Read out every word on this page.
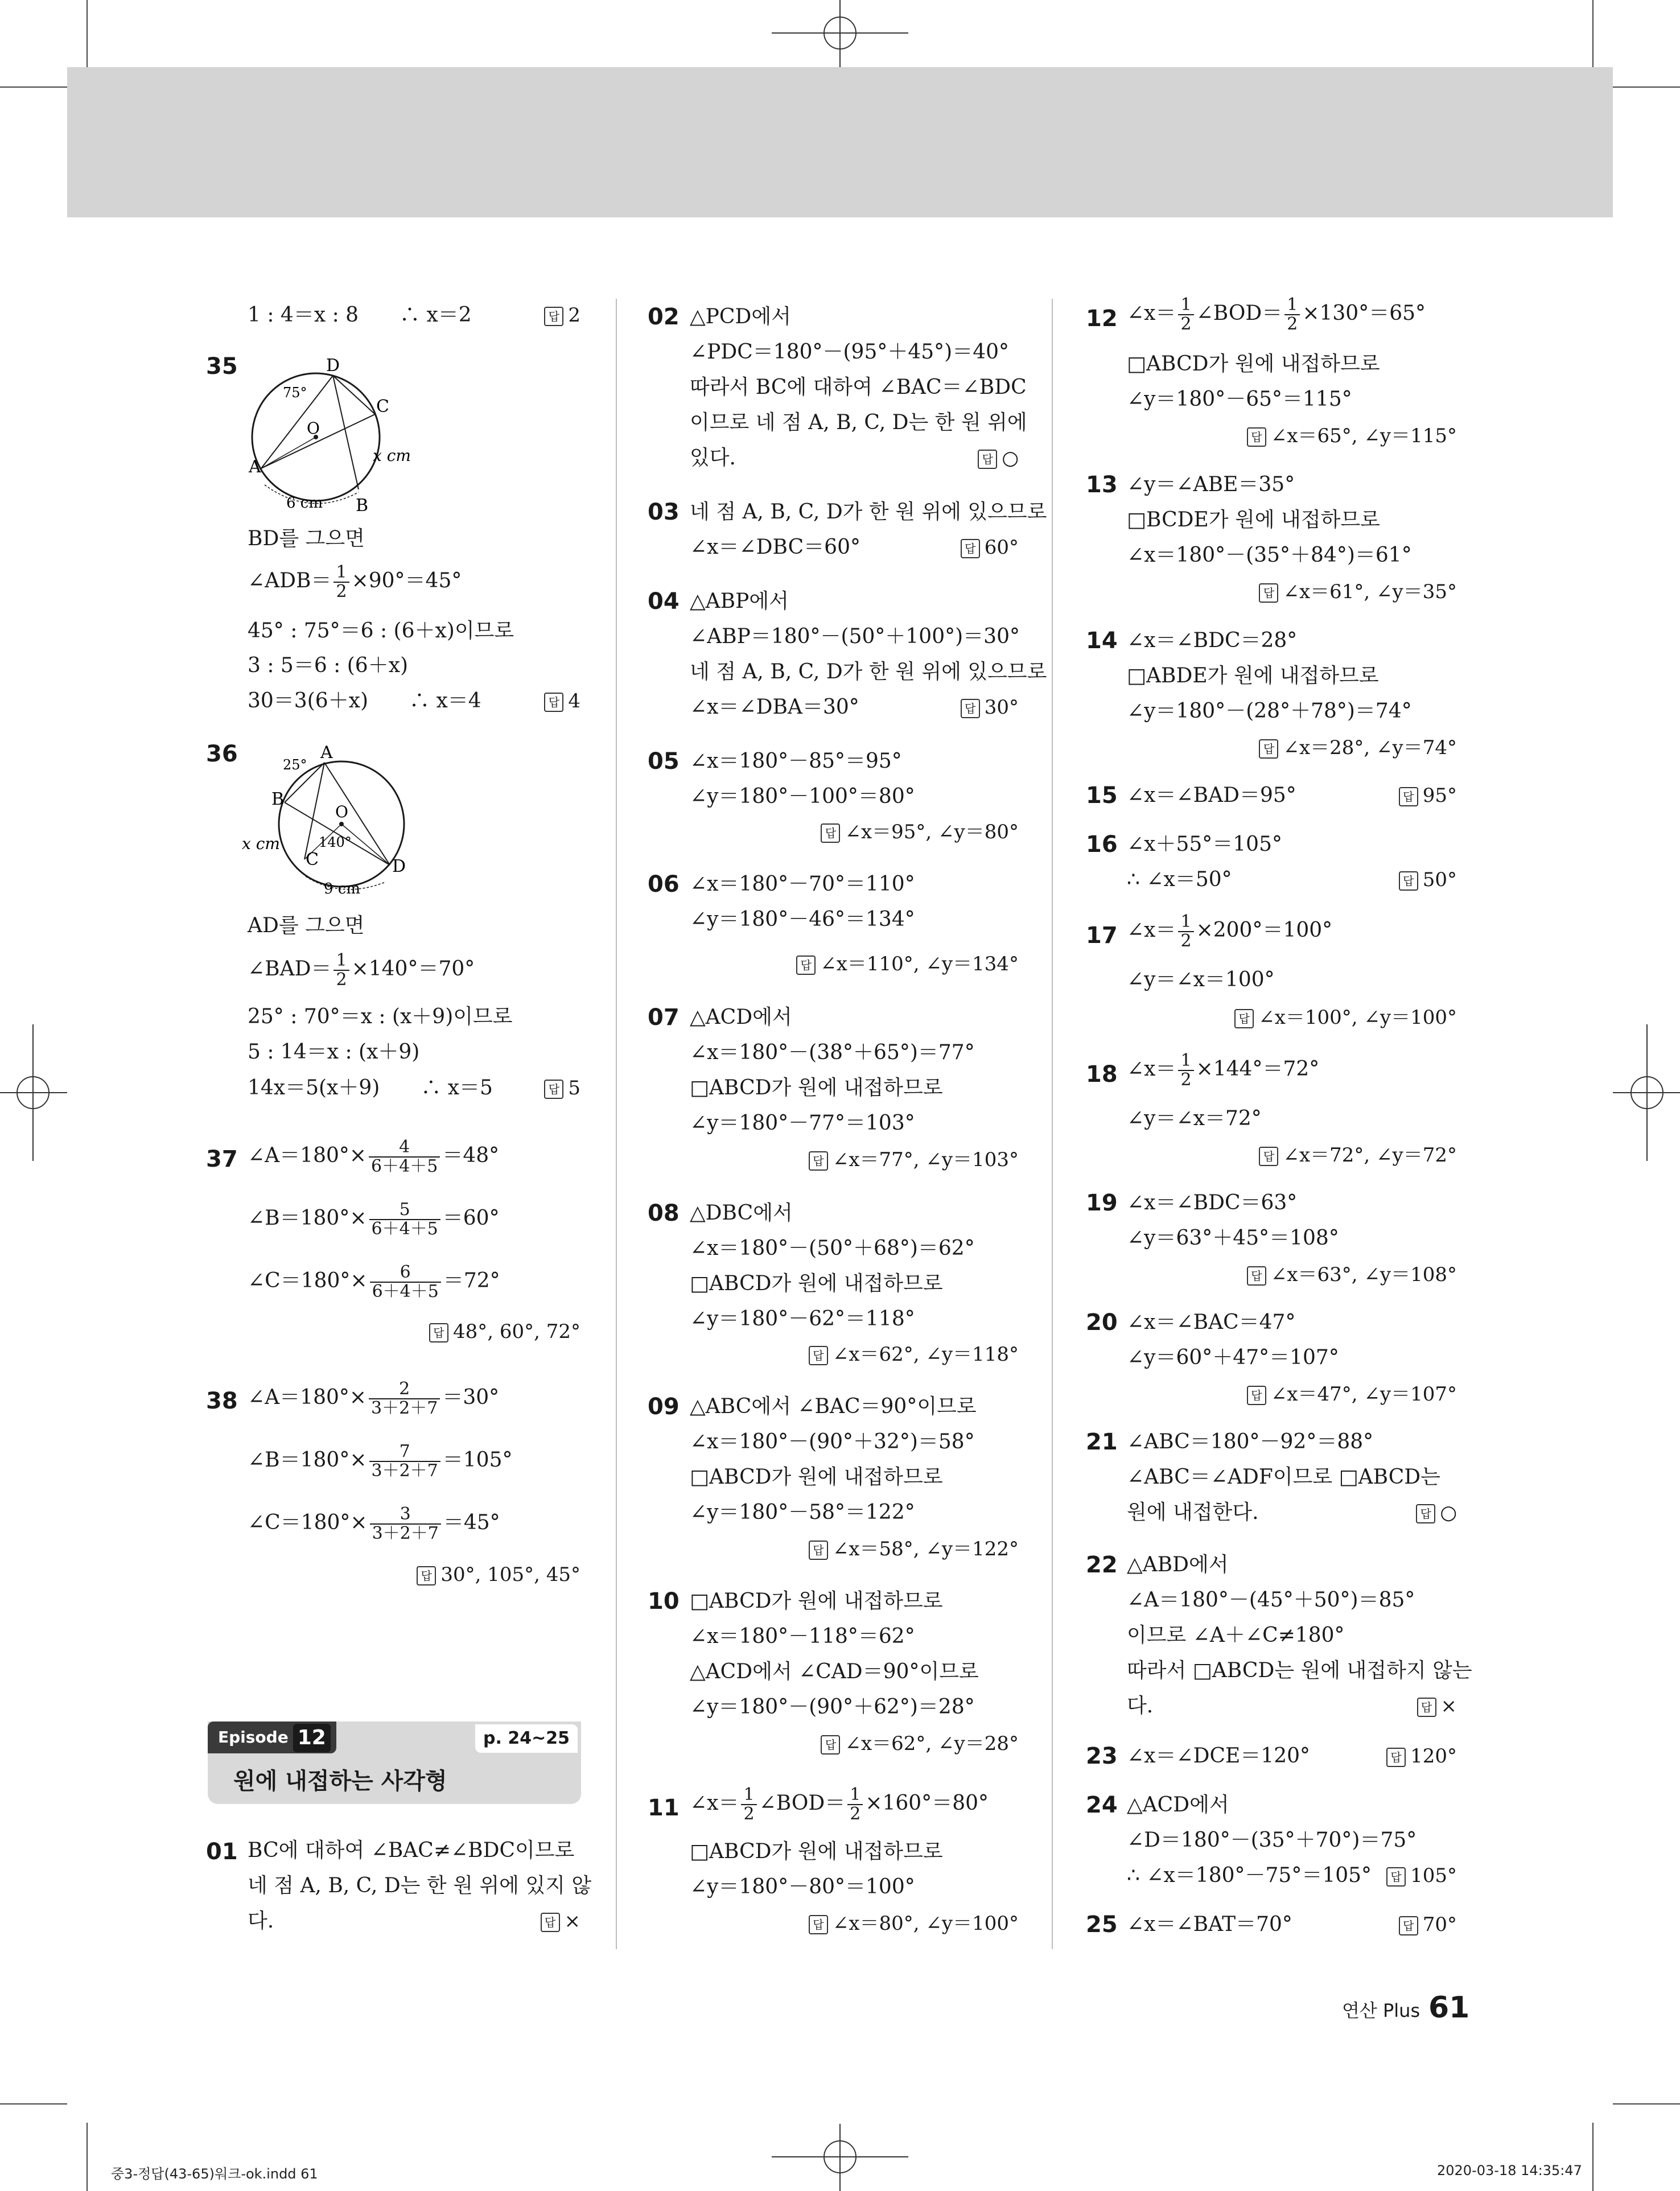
1 : 4＝x : 8　　∴ x＝2	답 2
35	D
C
A
B
O
75°
x cm
6 cm
BD를 그으면
∠ADB＝ $\frac{1}{2} \times 90^\circ=45^\circ$
45° : 75°＝6 : (6＋x)이므로
3 : 5＝6 : (6＋x)
30＝3(6＋x)　　∴ x＝4	답 4
36	A
B
C	D
O
25°
140°
x cm
9 cm
AD를 그으면
∠BAD＝ $\frac{1}{2} \times 140^\circ=70^\circ$
25° : 70°＝x : (x＋9)이므로
5 : 14＝x : (x＋9)
14x＝5(x＋9)　　∴ x＝5	답 5
37 ∠A＝180°× $\frac{4}{6+4+5} =48^\circ$
∠B＝180°× $\frac{5}{6+4+5} =60^\circ$
∠C＝180°× $\frac{6}{6+4+5} =72^\circ$
답 48°, 60°, 72°
38 ∠A＝180°× $\frac{2}{3+2+7} =30^\circ$
∠B＝180°× $\frac{7}{3+2+7} =105^\circ$
∠C＝180°× $\frac{3}{3+2+7} =45^\circ$
답 30°, 105°, 45°
Episode 12	p. 24~25
원에 내접하는 사각형
01 BC에 대하여 ∠BAC≠∠BDC이므로
네 점 A, B, C, D는 한 원 위에 있지 않
다.	답 ×
02 △PCD에서
∠PDC＝180°－(95°＋45°)＝40°
따라서 BC에 대하여 ∠BAC＝∠BDC
이므로 네 점 A, B, C, D는 한 원 위에
있다.	답 ○
03 네 점 A, B, C, D가 한 원 위에 있으므로
∠x＝∠DBC＝60°	답 60°
04 △ABP에서
∠ABP＝180°－(50°＋100°)＝30°
네 점 A, B, C, D가 한 원 위에 있으므로
∠x＝∠DBA＝30°	답 30°
05 ∠x＝180°－85°＝95°
∠y＝180°－100°＝80°
답 ∠x＝95°, ∠y＝80°
06 ∠x＝180°－70°＝110°
∠y＝180°－46°＝134°
답 ∠x＝110°, ∠y＝134°
07 △ACD에서
∠x＝180°－(38°＋65°)＝77°
□ABCD가 원에 내접하므로
∠y＝180°－77°＝103°
답 ∠x＝77°, ∠y＝103°
08 △DBC에서
∠x＝180°－(50°＋68°)＝62°
□ABCD가 원에 내접하므로
∠y＝180°－62°＝118°
답 ∠x＝62°, ∠y＝118°
09 △ABC에서 ∠BAC＝90°이므로
∠x＝180°－(90°＋32°)＝58°
□ABCD가 원에 내접하므로
∠y＝180°－58°＝122°
답 ∠x＝58°, ∠y＝122°
10 □ABCD가 원에 내접하므로
∠x＝180°－118°＝62°
△ACD에서 ∠CAD＝90°이므로
∠y＝180°－(90°＋62°)＝28°
답 ∠x＝62°, ∠y＝28°
11 ∠x＝ $\frac{1}{2}$ ∠BOD＝ $\frac{1}{2} \times 160^\circ=80^\circ$
□ABCD가 원에 내접하므로
∠y＝180°－80°＝100°
답 ∠x＝80°, ∠y＝100°
12 ∠x＝ $\frac{1}{2}$ ∠BOD＝ $\frac{1}{2} \times 130^\circ=65^\circ$
□ABCD가 원에 내접하므로
∠y＝180°－65°＝115°
답 ∠x＝65°, ∠y＝115°
13 ∠y＝∠ABE＝35°
□BCDE가 원에 내접하므로
∠x＝180°－(35°＋84°)＝61°
답 ∠x＝61°, ∠y＝35°
14 ∠x＝∠BDC＝28°
□ABDE가 원에 내접하므로
∠y＝180°－(28°＋78°)＝74°
답 ∠x＝28°, ∠y＝74°
15 ∠x＝∠BAD＝95°	답 95°
16 ∠x＋55°＝105°
∴ ∠x＝50°	답 50°
17 ∠x＝ $\frac{1}{2} \times 200^\circ=100^\circ$
∠y＝∠x＝100°
답 ∠x＝100°, ∠y＝100°
18 ∠x＝ $\frac{1}{2} \times 144^\circ=72^\circ$
∠y＝∠x＝72°
답 ∠x＝72°, ∠y＝72°
19 ∠x＝∠BDC＝63°
∠y＝63°＋45°＝108°
답 ∠x＝63°, ∠y＝108°
20 ∠x＝∠BAC＝47°
∠y＝60°＋47°＝107°
답 ∠x＝47°, ∠y＝107°
21 ∠ABC＝180°－92°＝88°
∠ABC＝∠ADF이므로 □ABCD는
원에 내접한다.	답 ○
22 △ABD에서
∠A＝180°－(45°＋50°)＝85°
이므로 ∠A＋∠C≠180°
따라서 □ABCD는 원에 내접하지 않는
다.	답 ×
23 ∠x＝∠DCE＝120°	답 120°
24 △ACD에서
∠D＝180°－(35°＋70°)＝75°
∴ ∠x＝180°－75°＝105°	답 105°
25 ∠x＝∠BAT＝70°	답 70°
연산 Plus 61
중3-정답(43-65)워크-ok.indd 61	2020-03-18 14:35:47
